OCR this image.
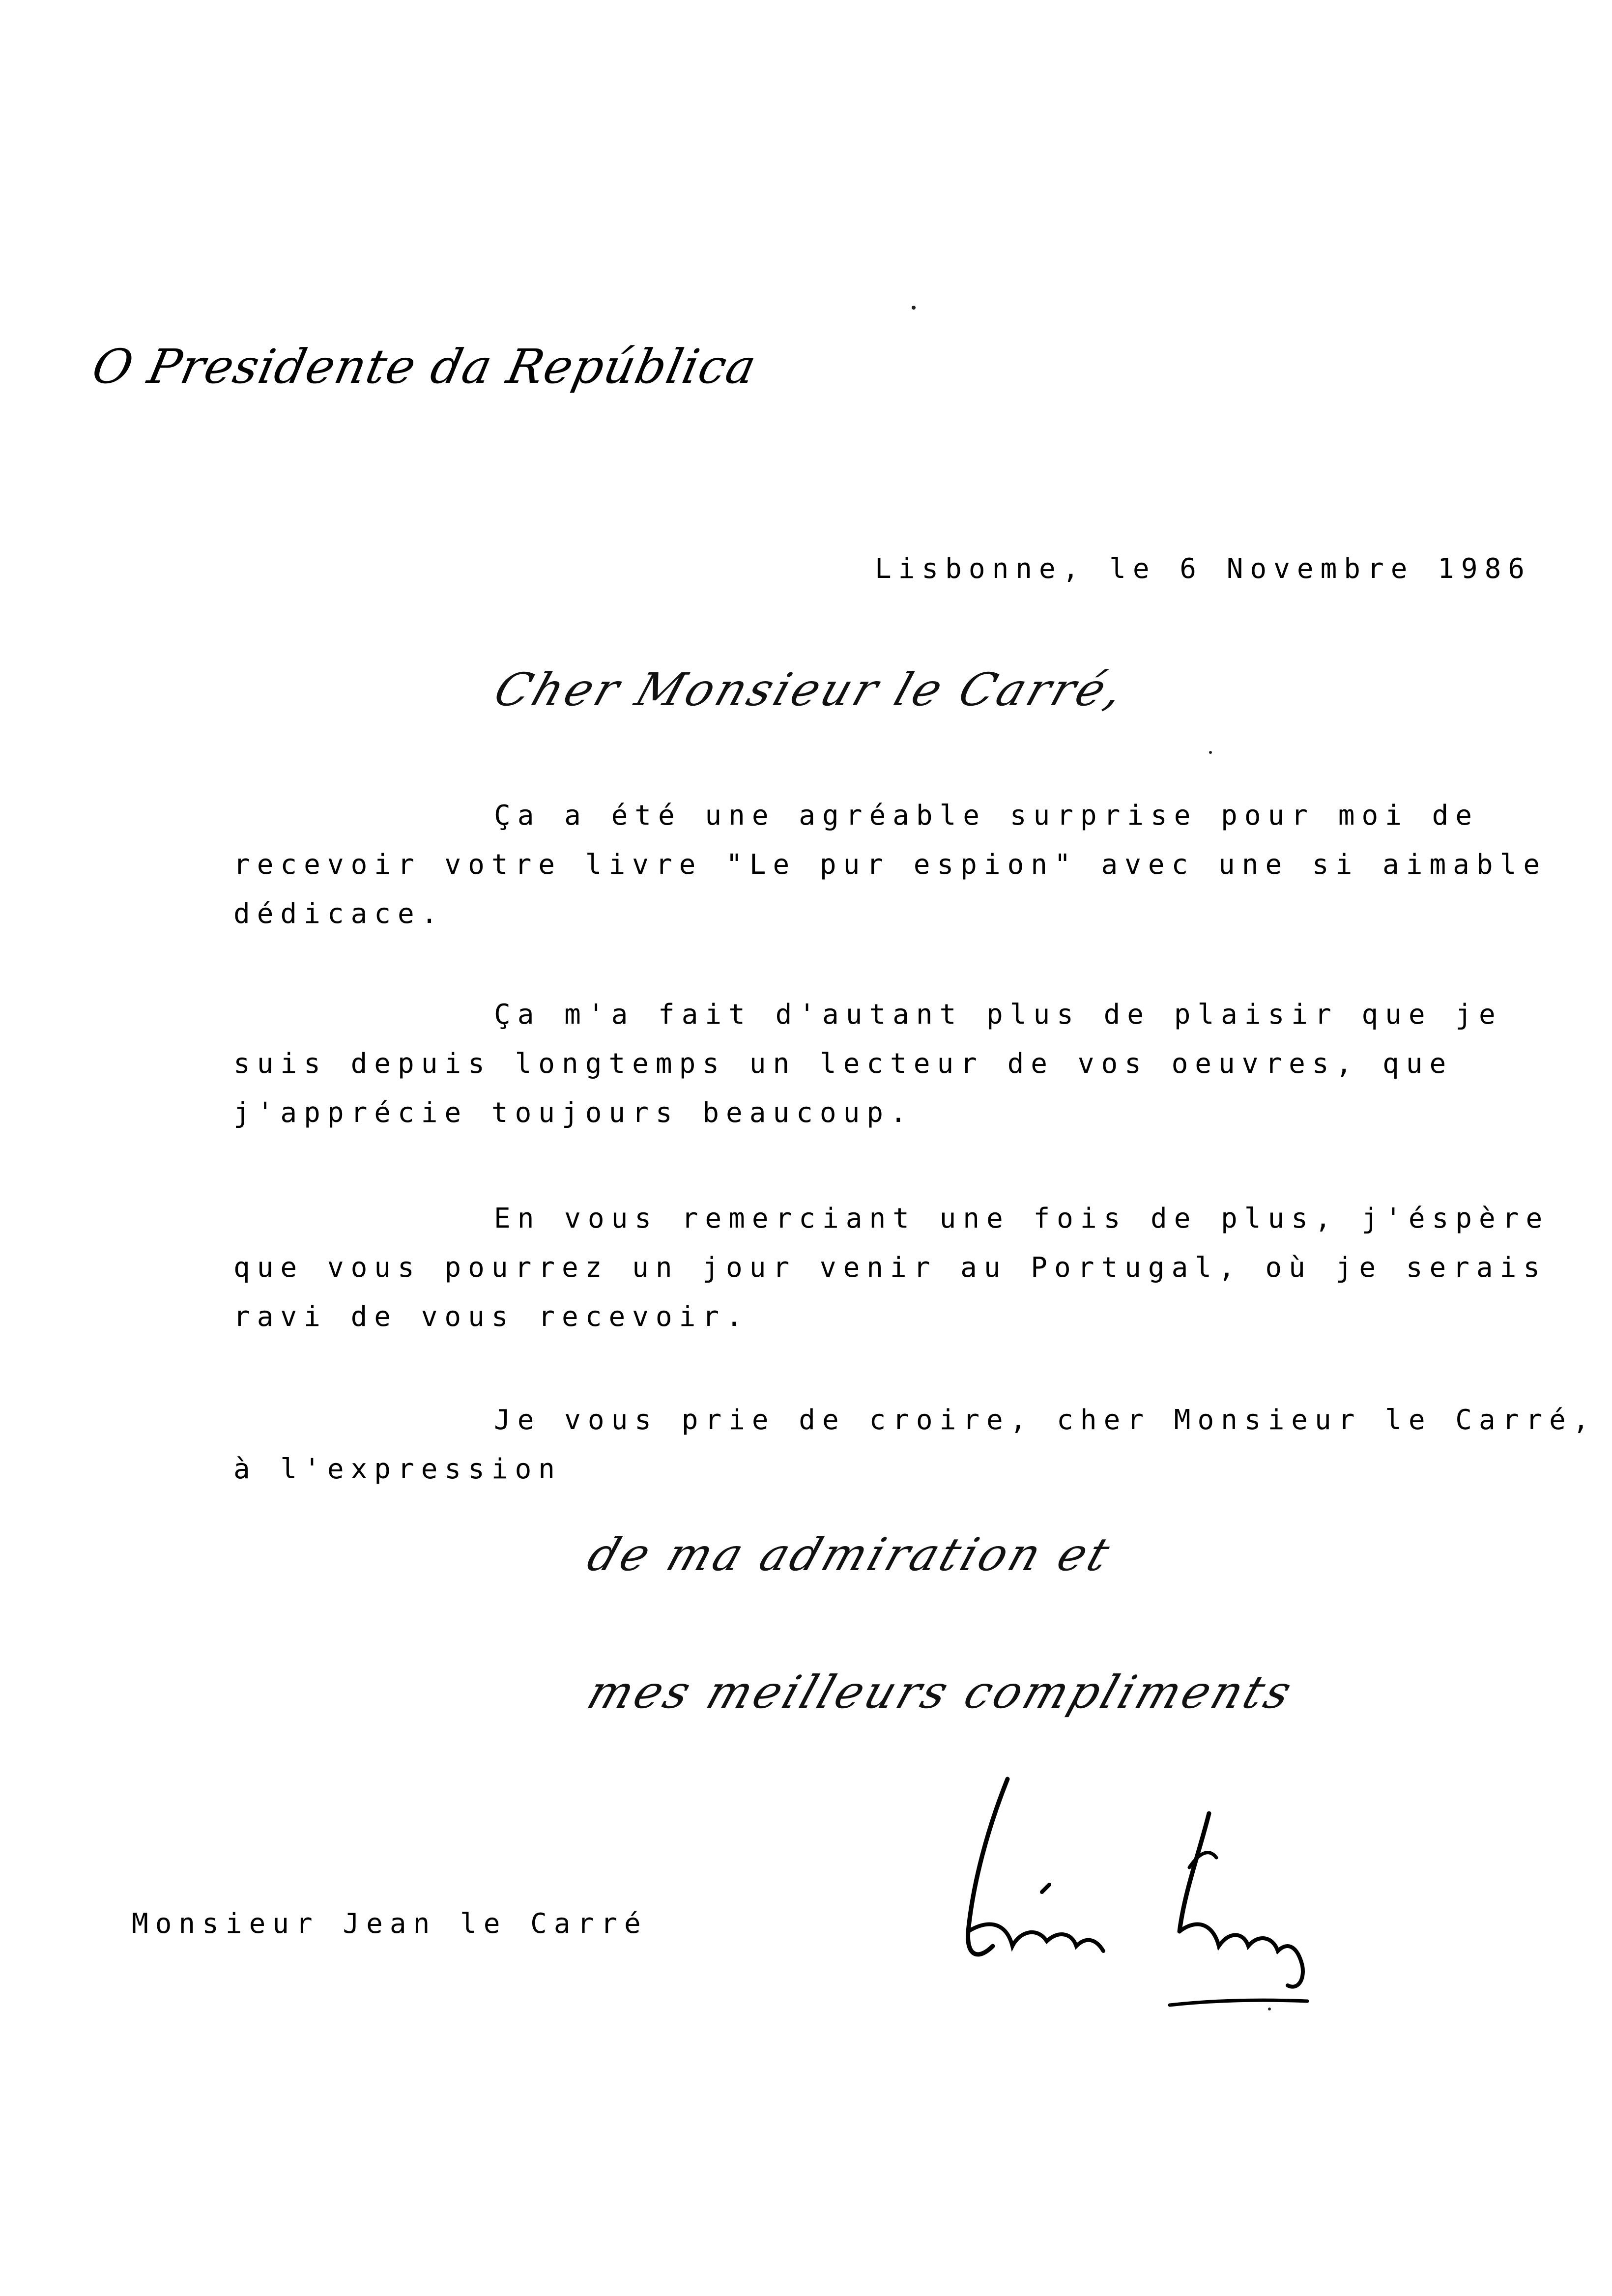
O Presidente da República
Lisbonne, le 6 Novembre 1986
Cher Monsieur le Carré,
Ça a été une agréable surprise pour moi de
recevoir votre livre "Le pur espion" avec une si aimable
dédicace.
Ça m'a fait d'autant plus de plaisir que je
suis depuis longtemps un lecteur de vos oeuvres, que
j'apprécie toujours beaucoup.
En vous remerciant une fois de plus, j'éspère
que vous pourrez un jour venir au Portugal, où je serais
ravi de vous recevoir.
Je vous prie de croire, cher Monsieur le Carré,
à l'expression
de ma admiration et
mes meilleurs compliments
Mário Soares
Monsieur Jean le Carré
